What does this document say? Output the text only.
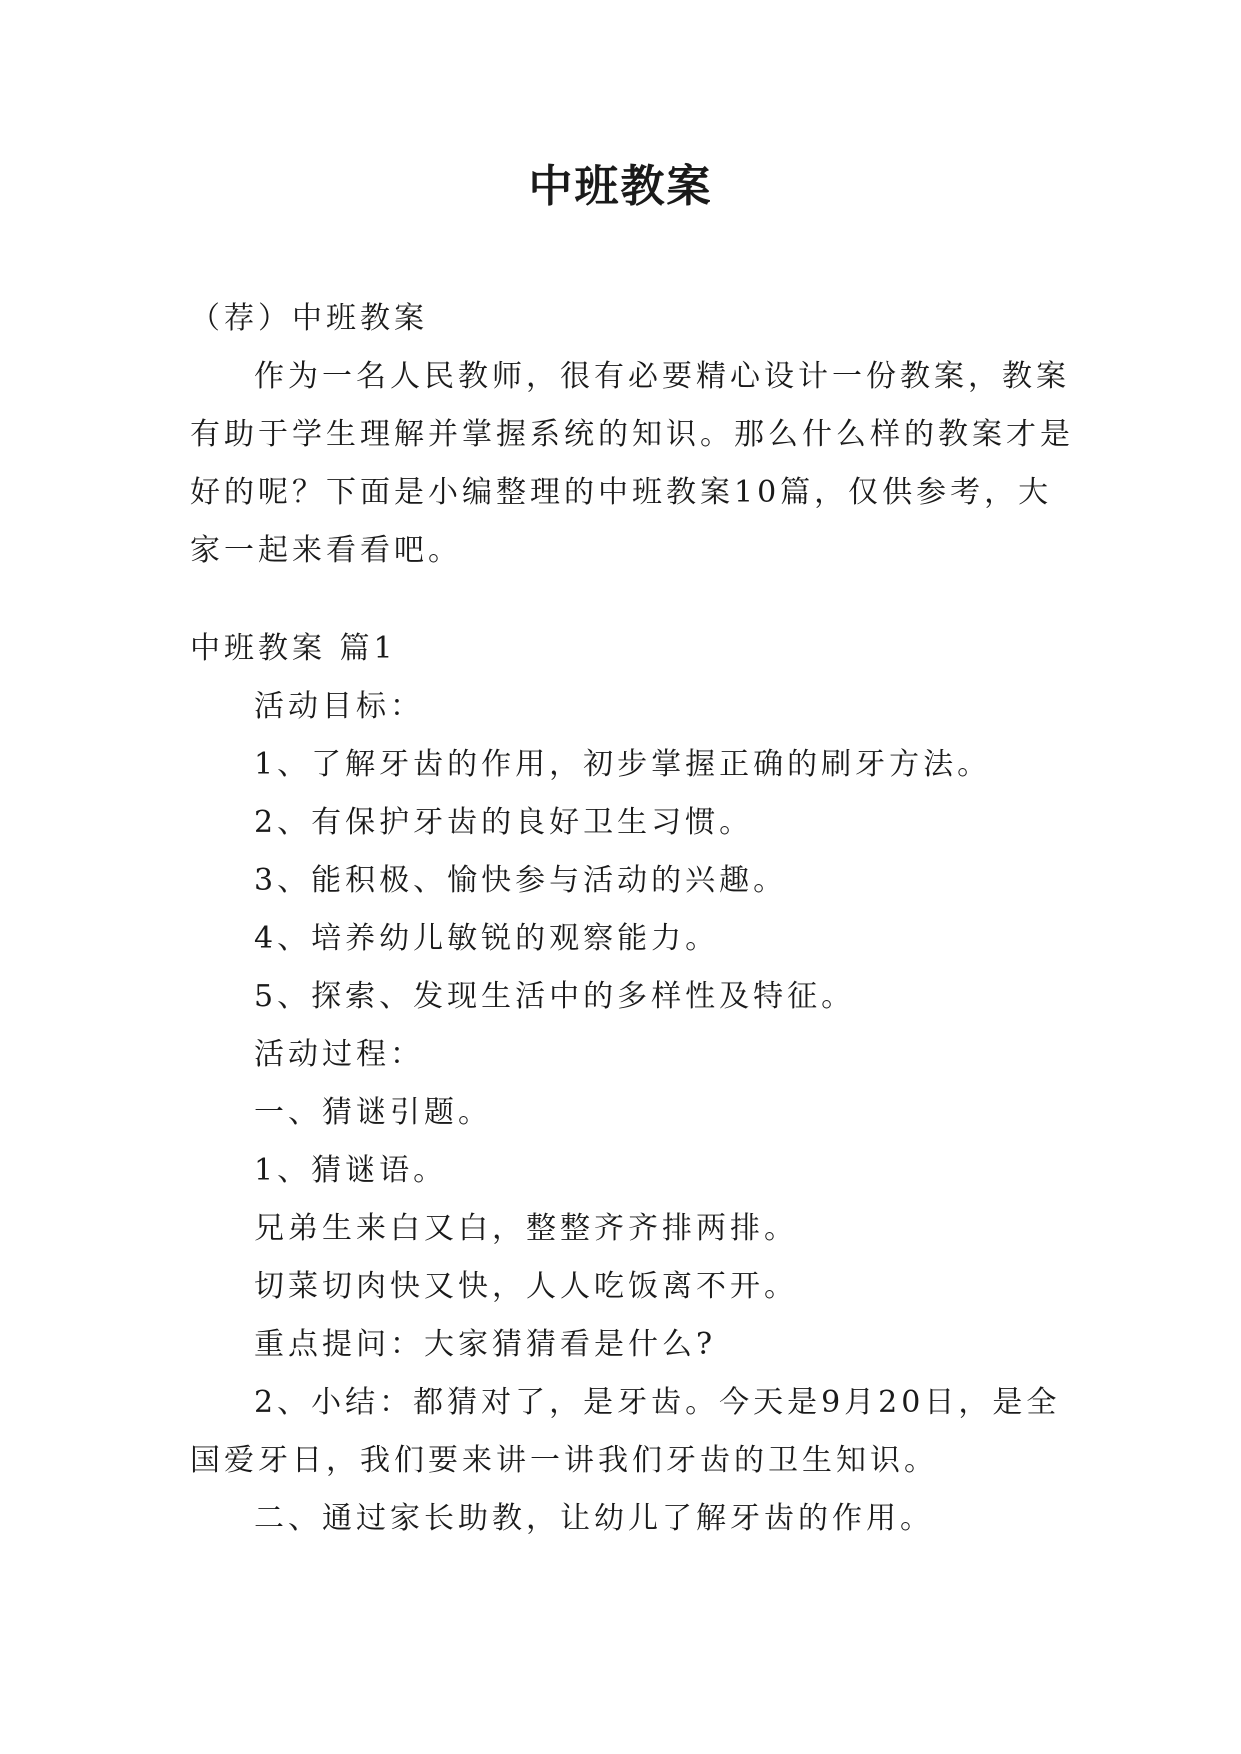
中班教案
（荐）中班教案
作为一名人民教师，很有必要精心设计一份教案，教案
有助于学生理解并掌握系统的知识。那么什么样的教案才是
好的呢？下面是小编整理的中班教案10篇，仅供参考，大
家一起来看看吧。
中班教案 篇1
活动目标：
1、了解牙齿的作用，初步掌握正确的刷牙方法。
2、有保护牙齿的良好卫生习惯。
3、能积极、愉快参与活动的兴趣。
4、培养幼儿敏锐的观察能力。
5、探索、发现生活中的多样性及特征。
活动过程：
一、猜谜引题。
1、猜谜语。
兄弟生来白又白，整整齐齐排两排。
切菜切肉快又快，人人吃饭离不开。
重点提问：大家猜猜看是什么?
2、小结：都猜对了，是牙齿。今天是9月20日，是全
国爱牙日，我们要来讲一讲我们牙齿的卫生知识。
二、通过家长助教，让幼儿了解牙齿的作用。
